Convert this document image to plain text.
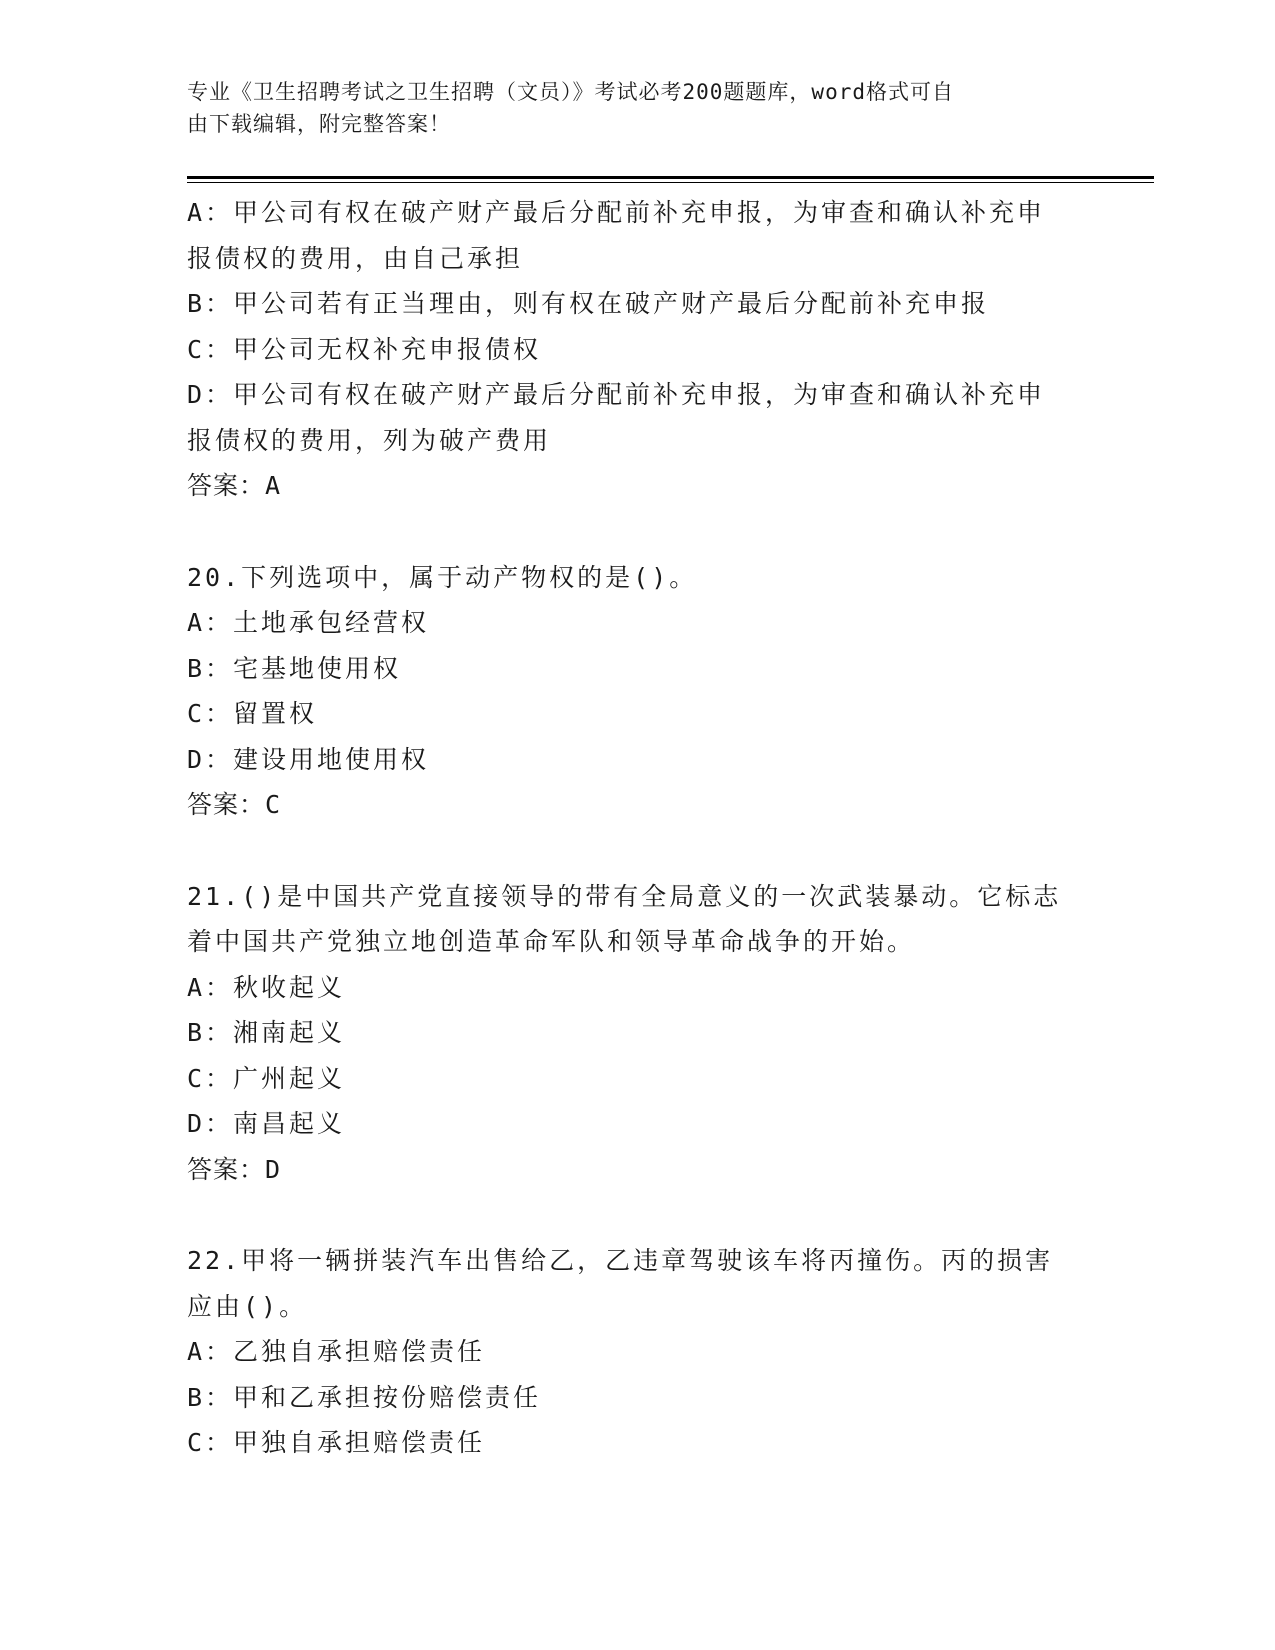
专业《卫生招聘考试之卫生招聘（文员）》考试必考200题题库，word格式可自
由下载编辑，附完整答案！
A：甲公司有权在破产财产最后分配前补充申报，为审查和确认补充申
报债权的费用，由自己承担
B：甲公司若有正当理由，则有权在破产财产最后分配前补充申报
C：甲公司无权补充申报债权
D：甲公司有权在破产财产最后分配前补充申报，为审查和确认补充申
报债权的费用，列为破产费用
答案：A
20.下列选项中，属于动产物权的是()。
A：土地承包经营权
B：宅基地使用权
C：留置权
D：建设用地使用权
答案：C
21.()是中国共产党直接领导的带有全局意义的一次武装暴动。它标志
着中国共产党独立地创造革命军队和领导革命战争的开始。
A：秋收起义
B：湘南起义
C：广州起义
D：南昌起义
答案：D
22.甲将一辆拼装汽车出售给乙，乙违章驾驶该车将丙撞伤。丙的损害
应由()。
A：乙独自承担赔偿责任
B：甲和乙承担按份赔偿责任
C：甲独自承担赔偿责任
